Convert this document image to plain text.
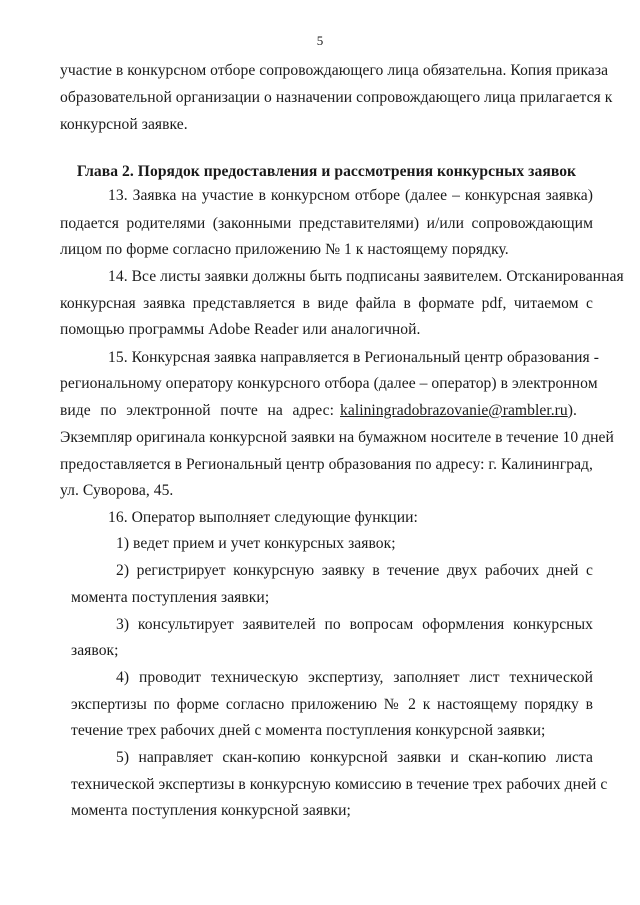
5
участие в конкурсном отборе сопровождающего лица обязательна. Копия приказа
образовательной организации о назначении сопровождающего лица прилагается к
конкурсной заявке.
Глава 2. Порядок предоставления и рассмотрения конкурсных заявок
13. Заявка на участие в конкурсном отборе (далее – конкурсная заявка)
подается родителями (законными представителями) и/или сопровождающим
лицом по форме согласно приложению № 1 к настоящему порядку.
14. Все листы заявки должны быть подписаны заявителем. Отсканированная
конкурсная заявка представляется в виде файла в формате pdf, читаемом с
помощью программы Adobe Reader или аналогичной.
15. Конкурсная заявка направляется в Региональный центр образования -
региональному оператору конкурсного отбора (далее – оператор) в электронном
виде по электронной почте на адрес: kaliningradobrazovanie@rambler.ru).
Экземпляр оригинала конкурсной заявки на бумажном носителе в течение 10 дней
предоставляется в Региональный центр образования по адресу: г. Калининград,
ул. Суворова, 45.
16. Оператор выполняет следующие функции:
1) ведет прием и учет конкурсных заявок;
2) регистрирует конкурсную заявку в течение двух рабочих дней с
момента поступления заявки;
3) консультирует заявителей по вопросам оформления конкурсных
заявок;
4) проводит техническую экспертизу, заполняет лист технической
экспертизы по форме согласно приложению № 2 к настоящему порядку в
течение трех рабочих дней с момента поступления конкурсной заявки;
5) направляет скан-копию конкурсной заявки и скан-копию листа
технической экспертизы в конкурсную комиссию в течение трех рабочих дней с
момента поступления конкурсной заявки;
